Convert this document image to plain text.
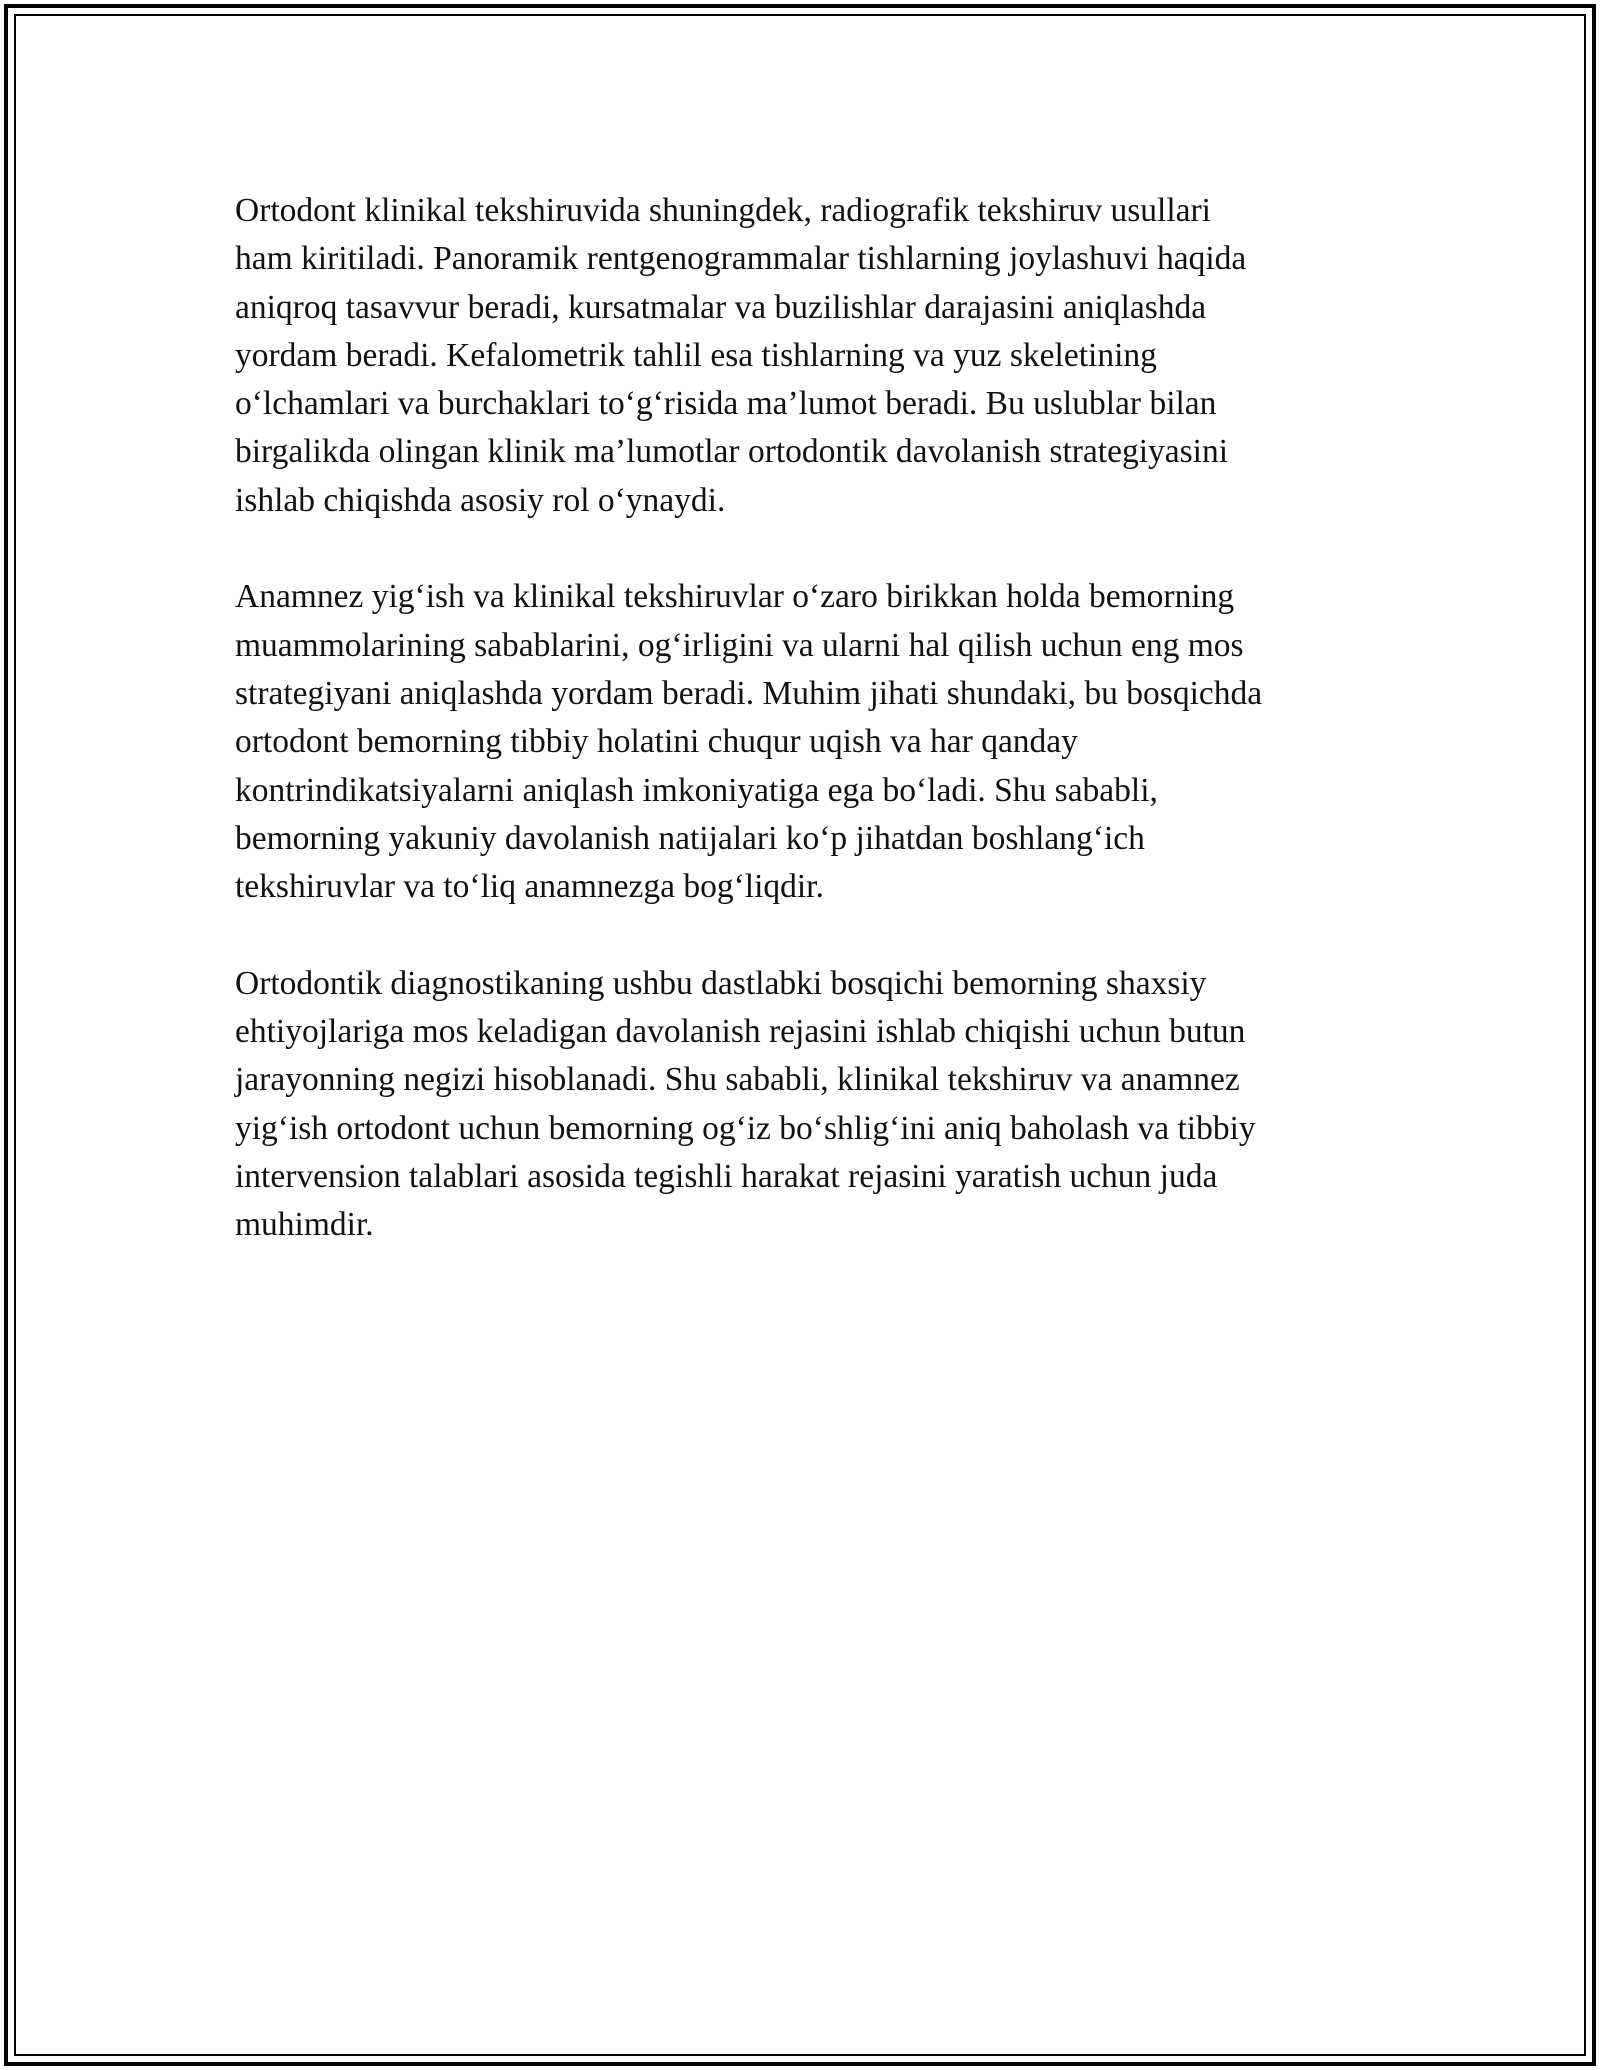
Ortodont klinikal tekshiruvida shuningdek, radiografik tekshiruv usullari
ham kiritiladi. Panoramik rentgenogrammalar tishlarning joylashuvi haqida
aniqroq tasavvur beradi, kursatmalar va buzilishlar darajasini aniqlashda
yordam beradi. Kefalometrik tahlil esa tishlarning va yuz skeletining
o‘lchamlari va burchaklari to‘g‘risida ma’lumot beradi. Bu uslublar bilan
birgalikda olingan klinik ma’lumotlar ortodontik davolanish strategiyasini
ishlab chiqishda asosiy rol o‘ynaydi.

Anamnez yig‘ish va klinikal tekshiruvlar o‘zaro birikkan holda bemorning
muammolarining sabablarini, og‘irligini va ularni hal qilish uchun eng mos
strategiyani aniqlashda yordam beradi. Muhim jihati shundaki, bu bosqichda
ortodont bemorning tibbiy holatini chuqur uqish va har qanday
kontrindikatsiyalarni aniqlash imkoniyatiga ega bo‘ladi. Shu sababli,
bemorning yakuniy davolanish natijalari ko‘p jihatdan boshlang‘ich
tekshiruvlar va to‘liq anamnezga bog‘liqdir.

Ortodontik diagnostikaning ushbu dastlabki bosqichi bemorning shaxsiy
ehtiyojlariga mos keladigan davolanish rejasini ishlab chiqishi uchun butun
jarayonning negizi hisoblanadi. Shu sababli, klinikal tekshiruv va anamnez
yig‘ish ortodont uchun bemorning og‘iz bo‘shlig‘ini aniq baholash va tibbiy
intervension talablari asosida tegishli harakat rejasini yaratish uchun juda
muhimdir.
